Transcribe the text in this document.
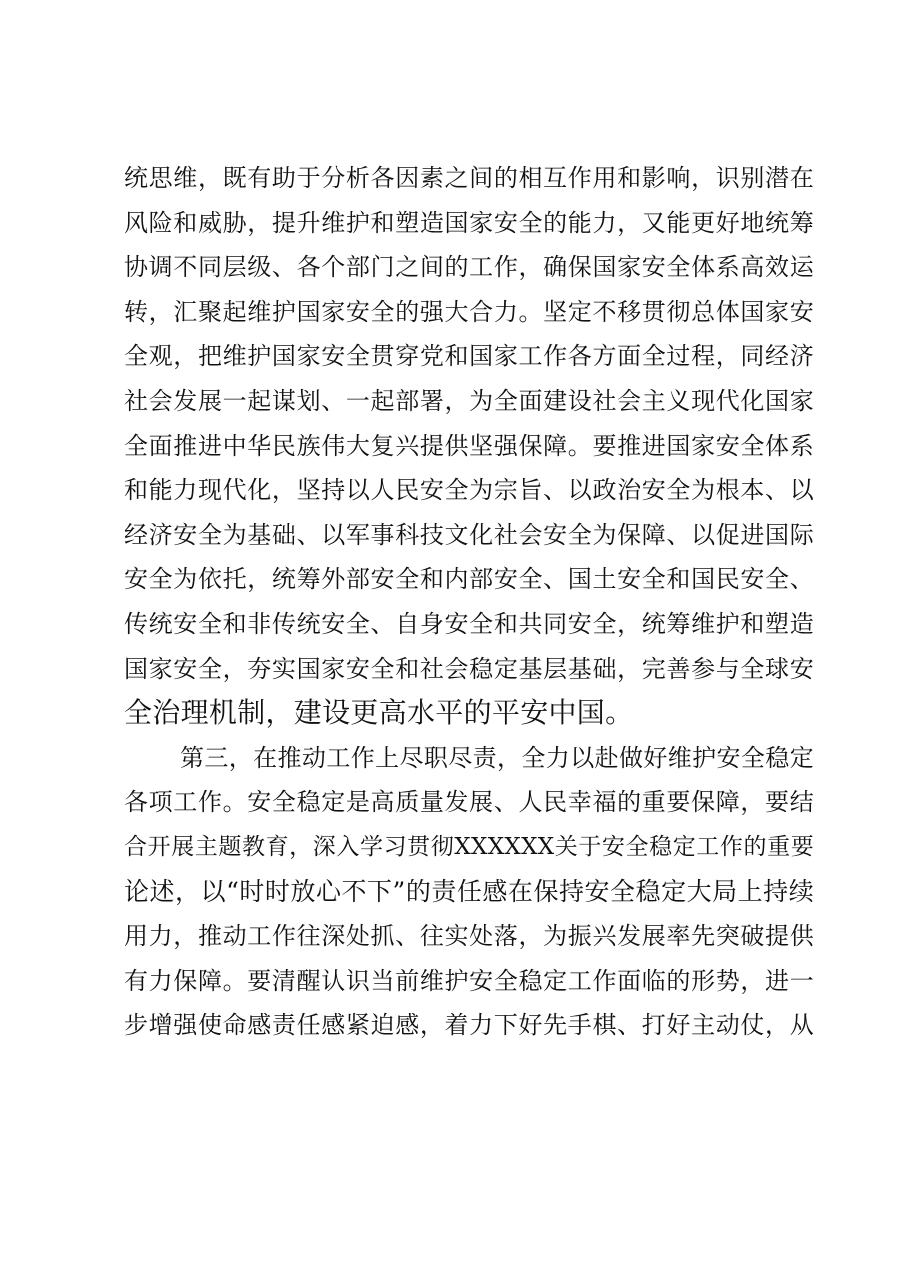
统思维，既有助于分析各因素之间的相互作用和影响，识别潜在
风险和威胁，提升维护和塑造国家安全的能力，又能更好地统筹
协调不同层级、各个部门之间的工作，确保国家安全体系高效运
转，汇聚起维护国家安全的强大合力。坚定不移贯彻总体国家安
全观，把维护国家安全贯穿党和国家工作各方面全过程，同经济
社会发展一起谋划、一起部署，为全面建设社会主义现代化国家
全面推进中华民族伟大复兴提供坚强保障。要推进国家安全体系
和能力现代化，坚持以人民安全为宗旨、以政治安全为根本、以
经济安全为基础、以军事科技文化社会安全为保障、以促进国际
安全为依托，统筹外部安全和内部安全、国土安全和国民安全、
传统安全和非传统安全、自身安全和共同安全，统筹维护和塑造
国家安全，夯实国家安全和社会稳定基层基础，完善参与全球安
全治理机制，建设更高水平的平安中国。
第三，在推动工作上尽职尽责，全力以赴做好维护安全稳定
各项工作。安全稳定是高质量发展、人民幸福的重要保障，要结
合开展主题教育，深入学习贯彻XXXXXX关于安全稳定工作的重要
论述，以“时时放心不下”的责任感在保持安全稳定大局上持续
用力，推动工作往深处抓、往实处落，为振兴发展率先突破提供
有力保障。要清醒认识当前维护安全稳定工作面临的形势，进一
步增强使命感责任感紧迫感，着力下好先手棋、打好主动仗，从
